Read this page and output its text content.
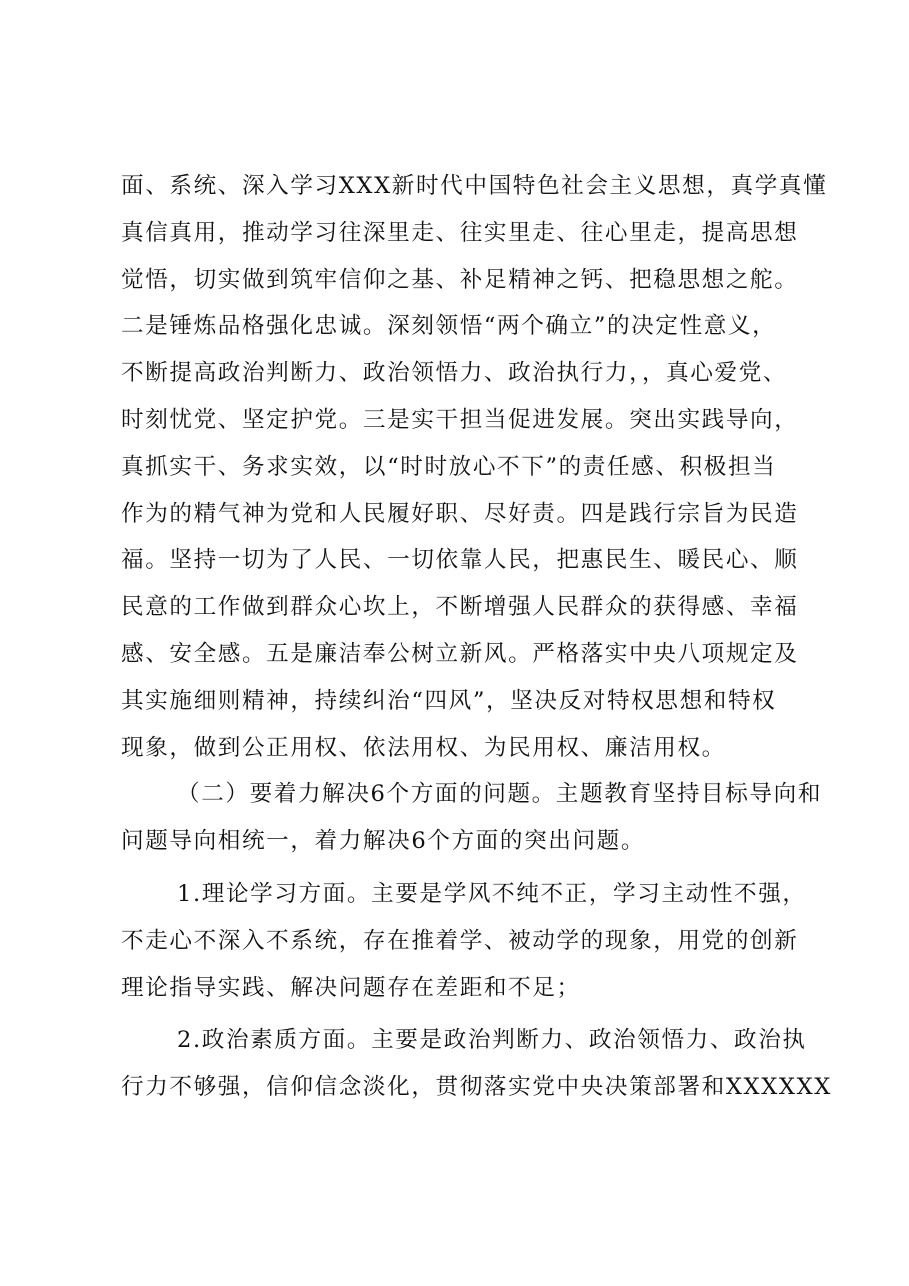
面、系统、深入学习XXX新时代中国特色社会主义思想，真学真懂
真信真用，推动学习往深里走、往实里走、往心里走，提高思想
觉悟，切实做到筑牢信仰之基、补足精神之钙、把稳思想之舵。
二是锤炼品格强化忠诚。深刻领悟“两个确立”的决定性意义，
不断提高政治判断力、政治领悟力、政治执行力，，真心爱党、
时刻忧党、坚定护党。三是实干担当促进发展。突出实践导向，
真抓实干、务求实效，以“时时放心不下”的责任感、积极担当
作为的精气神为党和人民履好职、尽好责。四是践行宗旨为民造
福。坚持一切为了人民、一切依靠人民，把惠民生、暖民心、顺
民意的工作做到群众心坎上，不断增强人民群众的获得感、幸福
感、安全感。五是廉洁奉公树立新风。严格落实中央八项规定及
其实施细则精神，持续纠治“四风”，坚决反对特权思想和特权
现象，做到公正用权、依法用权、为民用权、廉洁用权。
（二）要着力解决6个方面的问题。主题教育坚持目标导向和
问题导向相统一，着力解决6个方面的突出问题。
1.理论学习方面。主要是学风不纯不正，学习主动性不强，
不走心不深入不系统，存在推着学、被动学的现象，用党的创新
理论指导实践、解决问题存在差距和不足；
2.政治素质方面。主要是政治判断力、政治领悟力、政治执
行力不够强，信仰信念淡化，贯彻落实党中央决策部署和XXXXXX
